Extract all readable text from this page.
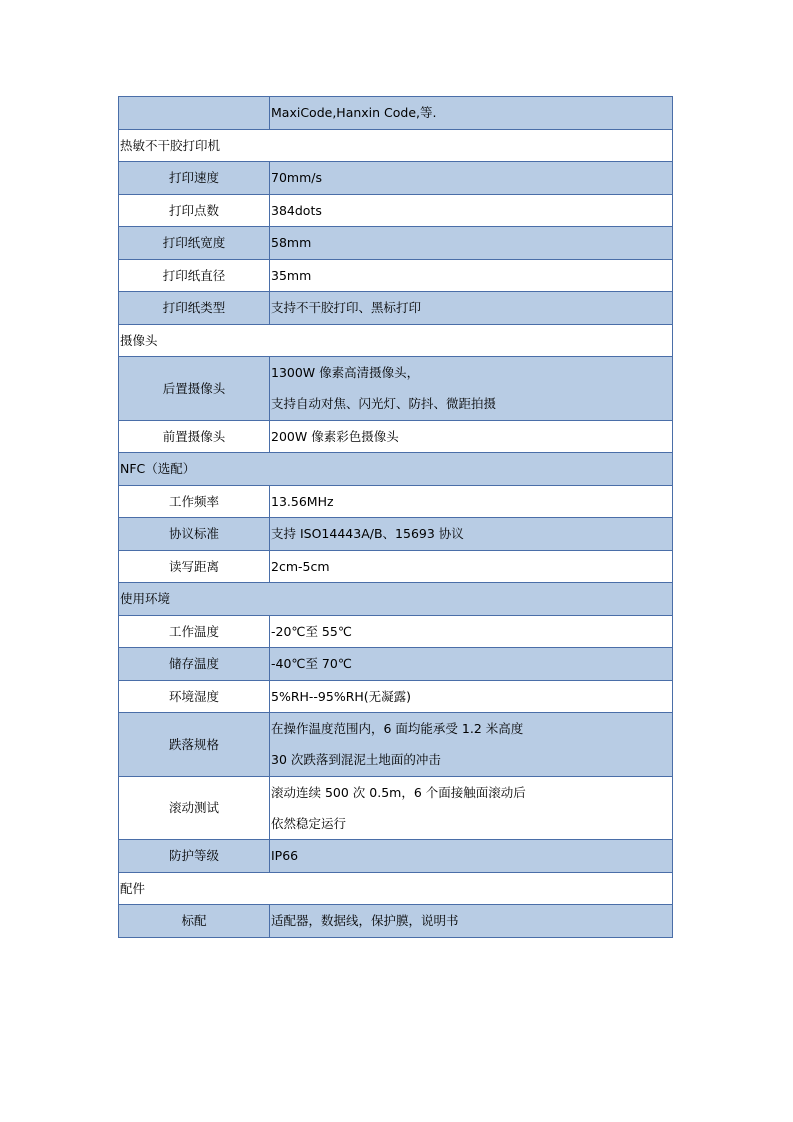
	MaxiCode,Hanxin Code,等.
热敏不干胶打印机	
打印速度	70mm/s
打印点数	384dots
打印纸宽度	58mm
打印纸直径	35mm
打印纸类型	支持不干胶打印、黑标打印
摄像头	
后置摄像头	1300W 像素高清摄像头，
支持自动对焦、闪光灯、防抖、微距拍摄

前置摄像头	200W 像素彩色摄像头
NFC（选配）	
工作频率	13.56MHz
协议标准	支持 ISO14443A/B、15693 协议
读写距离	2cm-5cm
使用环境	
工作温度	-20℃至 55℃
储存温度	-40℃至 70℃
环境湿度	5%RH--95%RH(无凝露)
跌落规格	在操作温度范围内，6 面均能承受 1.2 米高度
30 次跌落到混泥土地面的冲击

滚动测试	滚动连续 500 次 0.5m，6 个面接触面滚动后
依然稳定运行

防护等级	IP66
配件	
标配	适配器，数据线，保护膜，说明书
